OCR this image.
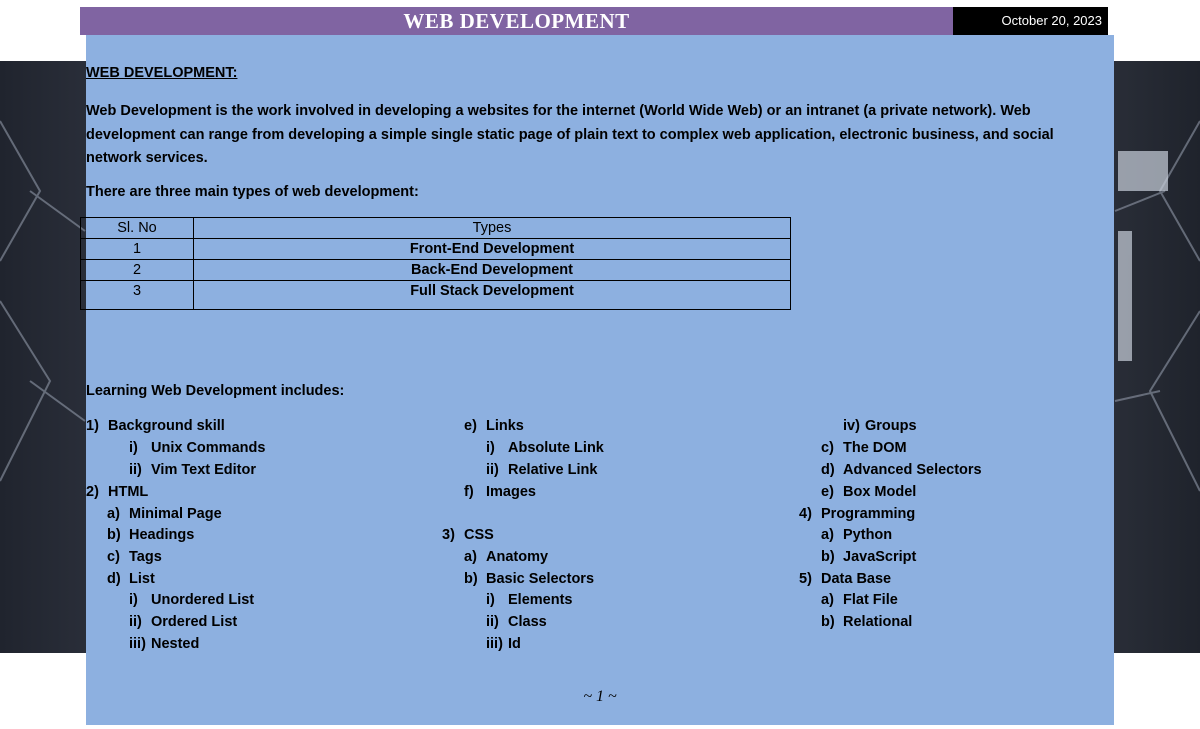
WEB DEVELOPMENT	October 20, 2023
WEB DEVELOPMENT:
Web Development is the work involved in developing a websites for the internet (World Wide Web) or an intranet (a private network). Web development can range from developing a simple single static page of plain text to complex web application, electronic business, and social network services.
There are three main types of web development:
Sl. No	Types
1	Front-End Development
2	Back-End Development
3	Full Stack Development
Learning Web Development includes:
1) Background skill
i) Unix Commands
ii) Vim Text Editor
2) HTML
a) Minimal Page
b) Headings
c) Tags
d) List
i) Unordered List
ii) Ordered List
iii) Nested
e) Links
i) Absolute Link
ii) Relative Link
f) Images
3) CSS
a) Anatomy
b) Basic Selectors
i) Elements
ii) Class
iii) Id
iv) Groups
c) The DOM
d) Advanced Selectors
e) Box Model
4) Programming
a) Python
b) JavaScript
5) Data Base
a) Flat File
b) Relational
~ 1 ~
